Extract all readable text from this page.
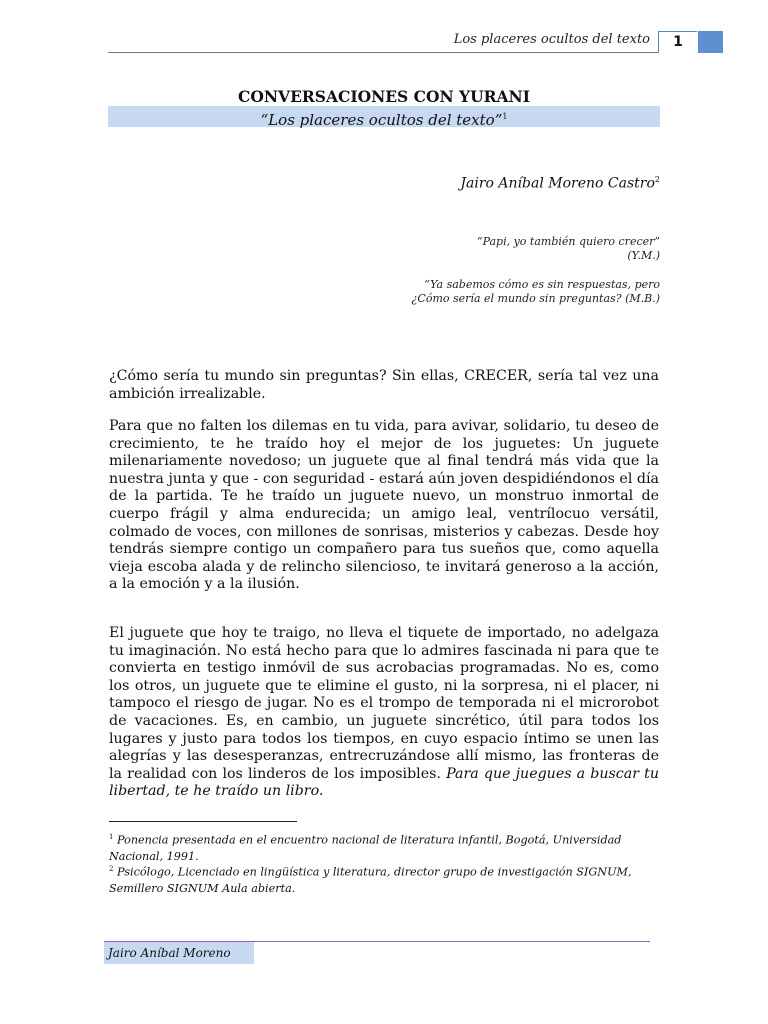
Los placeres ocultos del texto	1
CONVERSACIONES CON YURANI
“Los placeres ocultos del texto”$^1$
Jairo Aníbal Moreno Castro$^2$
“Papi, yo también quiero crecer”
(Y.M.)
“Ya sabemos cómo es sin respuestas, pero
¿Cómo sería el mundo sin preguntas? (M.B.)

¿Cómo sería tu mundo sin preguntas? Sin ellas, CRECER, sería tal vez una ambición irrealizable.

Para que no falten los dilemas en tu vida, para avivar, solidario, tu deseo de crecimiento, te he traído hoy el mejor de los juguetes: Un juguete milenariamente novedoso; un juguete que al final tendrá más vida que la nuestra junta y que - con seguridad - estará aún joven despidiéndonos el día de la partida. Te he traído un juguete nuevo, un monstruo inmortal de cuerpo frágil y alma endurecida; un amigo leal, ventrílocuo versátil, colmado de voces, con millones de sonrisas, misterios y cabezas. Desde hoy tendrás siempre contigo un compañero para tus sueños que, como aquella vieja escoba alada y de relincho silencioso, te invitará generoso a la acción, a la emoción y a la ilusión.

El juguete que hoy te traigo, no lleva el tiquete de importado, no adelgaza tu imaginación. No está hecho para que lo admires fascinada ni para que te convierta en testigo inmóvil de sus acrobacias programadas. No es, como los otros, un juguete que te elimine el gusto, ni la sorpresa, ni el placer, ni tampoco el riesgo de jugar. No es el trompo de temporada ni el microrobot de vacaciones. Es, en cambio, un juguete sincrético, útil para todos los lugares y justo para todos los tiempos, en cuyo espacio íntimo se unen las alegrías y las desesperanzas, entrecruzándose allí mismo, las fronteras de la realidad con los linderos de los imposibles. Para que juegues a buscar tu libertad, te he traído un libro.

$^1$ Ponencia presentada en el encuentro nacional de literatura infantil, Bogotá, Universidad Nacional, 1991.
$^2$ Psicólogo, Licenciado en lingüística y literatura, director grupo de investigación SIGNUM, Semillero SIGNUM Aula abierta.
Jairo Aníbal Moreno
